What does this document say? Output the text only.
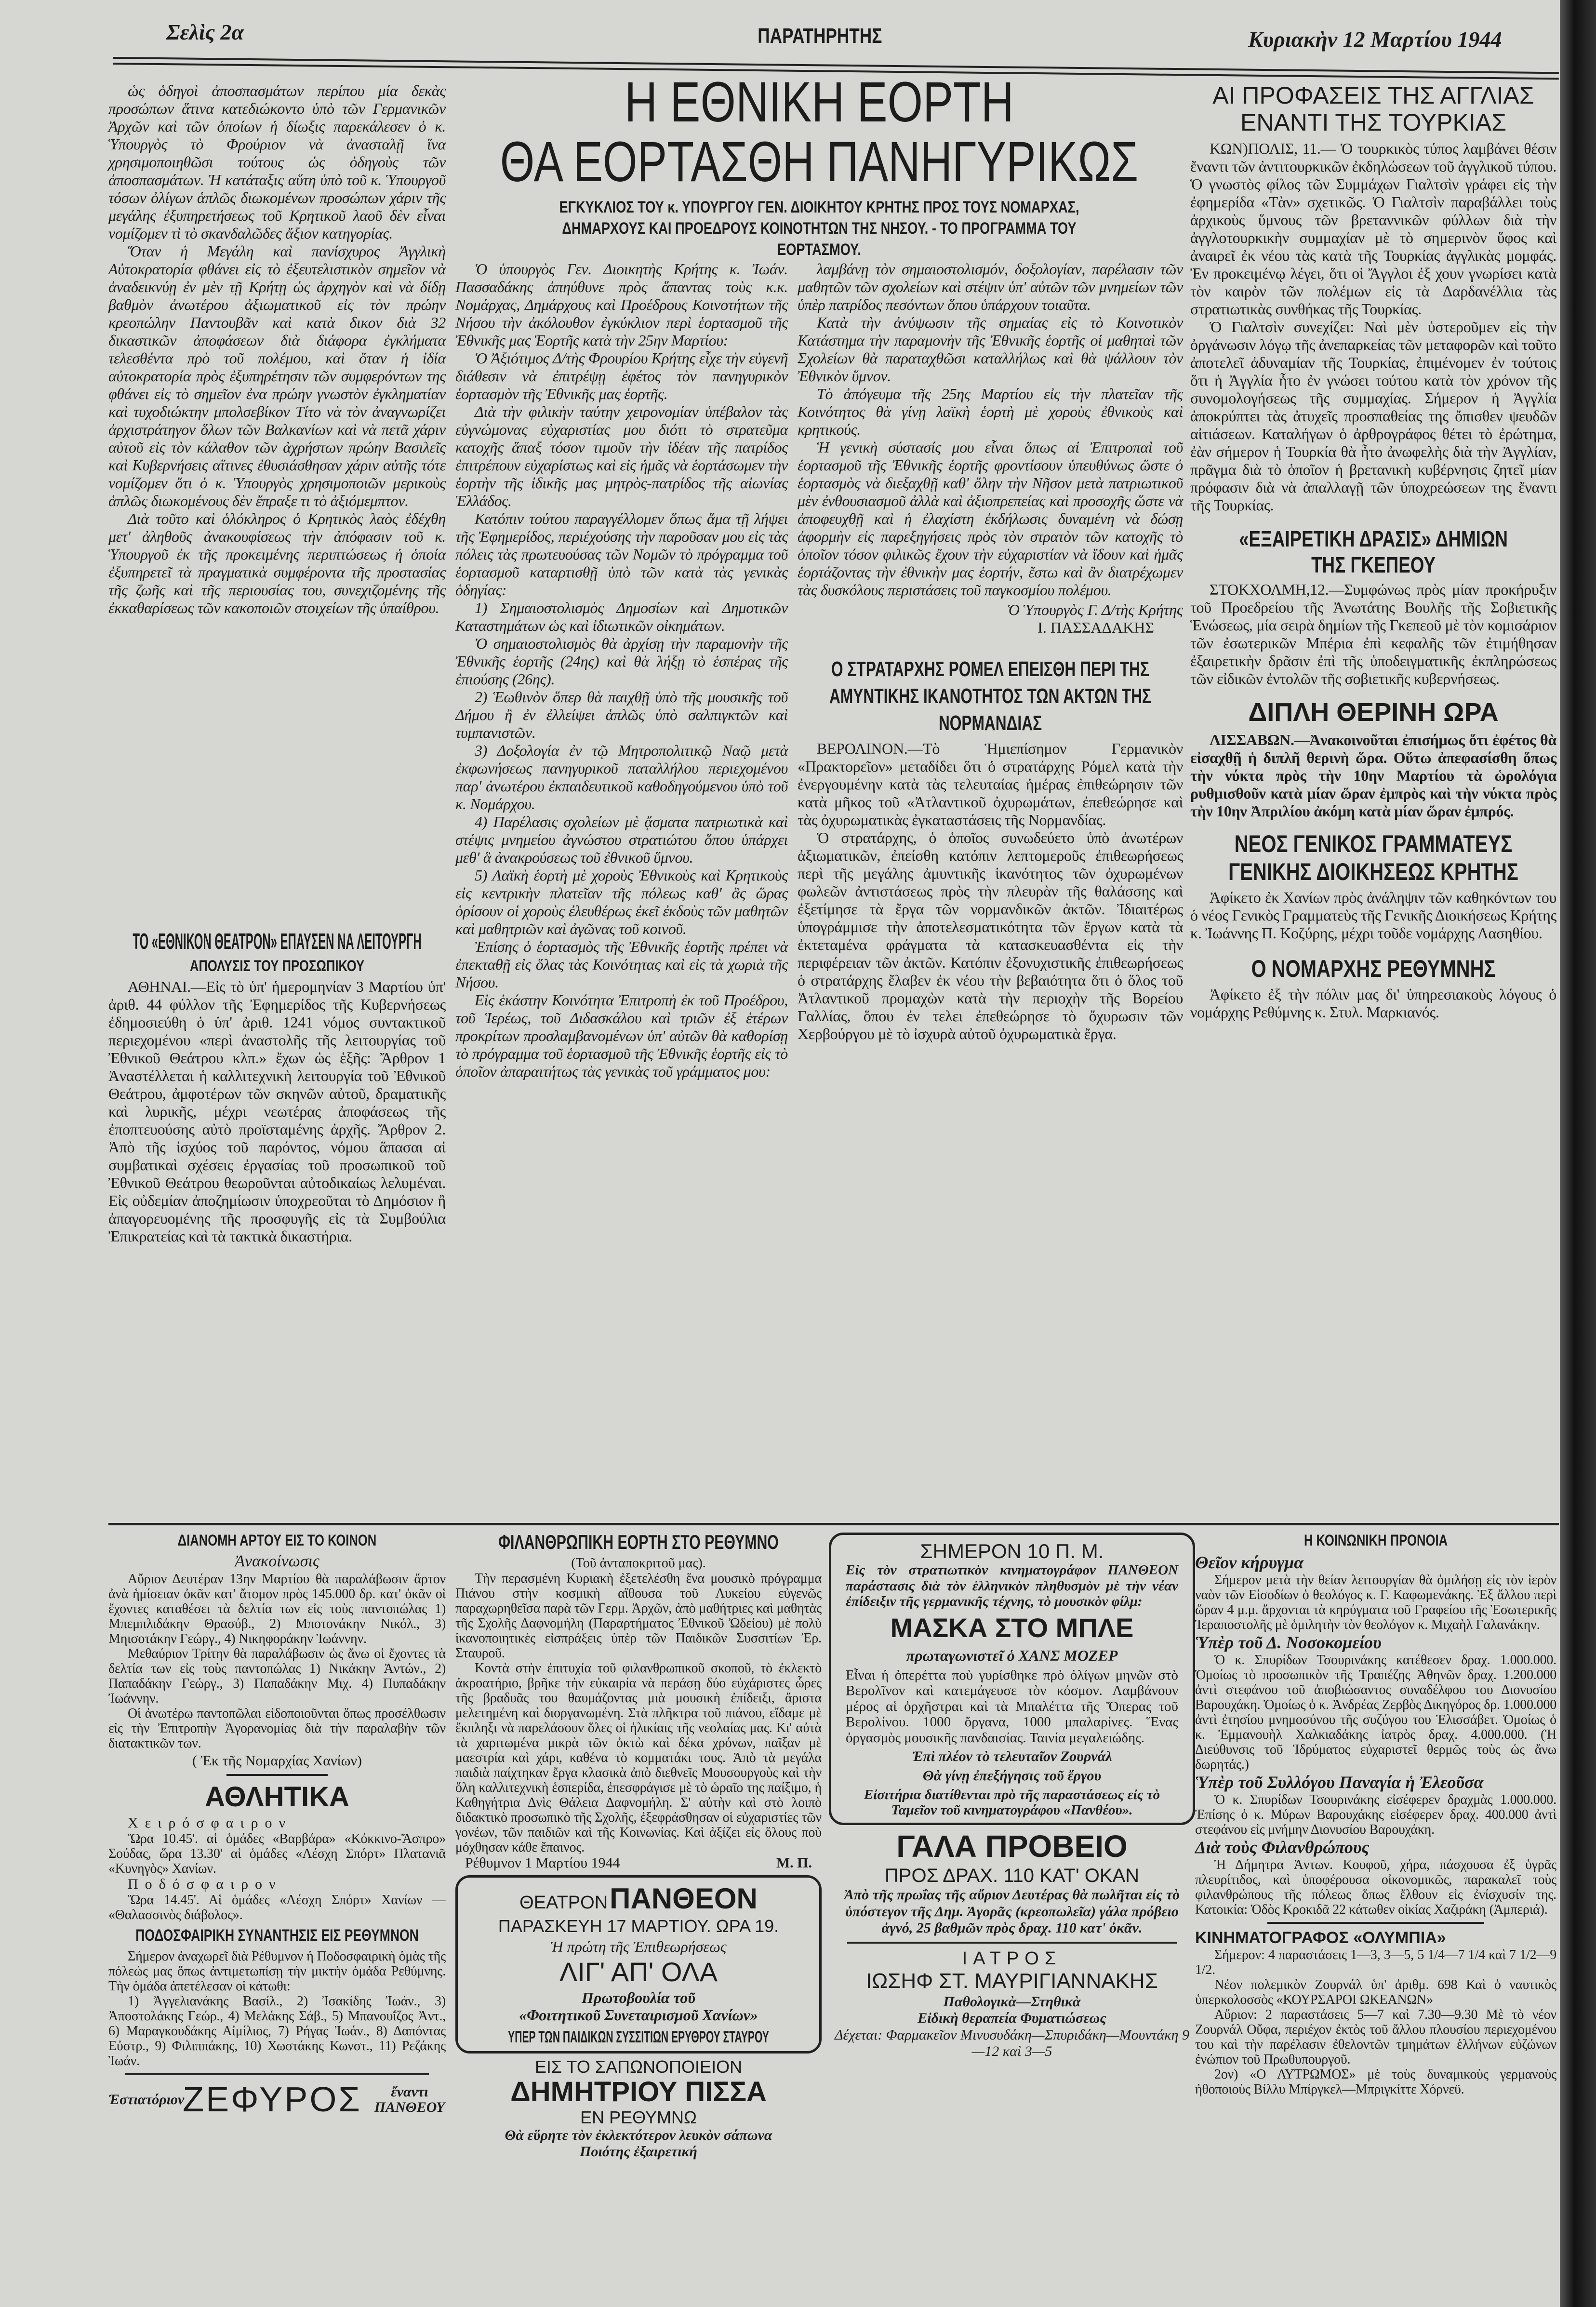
Σελὶς 2α	ΠΑΡΑΤΗΡΗΤΗΣ	Κυριακὴν 12 Μαρτίου 1944

ὡς ὁδηγοὶ ἀποσπασμάτων περίπου μία δεκὰς προσώπων ἅτινα κατεδιώκοντο ὑπὸ τῶν Γερμανικῶν Ἀρχῶν καὶ τῶν ὁποίων ἡ δίωξις παρεκάλεσεν ὁ κ. Ὑπουργὸς τὸ Φρούριον νὰ ἀνασταλῇ ἵνα χρησιμοποιηθῶσι τούτους ὡς ὁδηγοὺς τῶν ἀποσπασμάτων. Ἡ κατάταξις αὕτη ὑπὸ τοῦ κ. Ὑπουργοῦ τόσων ὀλίγων ἁπλῶς διωκομένων προσώπων χάριν τῆς μεγάλης ἐξυπηρετήσεως τοῦ Κρητικοῦ λαοῦ δὲν εἶναι νομίζομεν τὶ τὸ σκανδαλῶδες ἄξιον κατηγορίας.

Ὅταν ἡ Μεγάλη καὶ πανίσχυρος Ἀγγλικὴ Αὐτοκρατορία φθάνει εἰς τὸ ἐξευτελιστικὸν σημεῖον νὰ ἀναδεικνύῃ ἐν μὲν τῇ Κρήτῃ ὡς ἀρχηγὸν καὶ νὰ δίδῃ βαθμὸν ἀνωτέρου ἀξιωματικοῦ εἰς τὸν πρώην κρεοπώλην Παντουβᾶν καὶ κατὰ δικον διὰ 32 δικαστικῶν ἀποφάσεων διὰ διάφορα ἐγκλήματα τελεσθέντα πρὸ τοῦ πολέμου, καὶ ὅταν ἡ ἰδία αὐτοκρατορία πρὸς ἐξυπηρέτησιν τῶν συμφερόντων της φθάνει εἰς τὸ σημεῖον ἐνα πρώην γνωστὸν ἐγκληματίαν καὶ τυχοδιώκτην μπολσεβίκον Τίτο νὰ τὸν ἀναγνωρίζει ἀρχιστράτηγον ὅλων τῶν Βαλκανίων καὶ νὰ πετᾶ χάριν αὐτοῦ εἰς τὸν κάλαθον τῶν ἀχρήστων πρώην Βασιλεῖς καὶ Κυβερνήσεις αἵτινες ἐθυσιάσθησαν χάριν αὐτῆς τότε νομίζομεν ὅτι ὁ κ. Ὑπουργὸς χρησιμοποιῶν μερικοὺς ἁπλῶς διωκομένους δὲν ἔπραξε τι τὸ ἀξιόμεμπτον.

Διὰ τοῦτο καὶ ὁλόκληρος ὁ Κρητικὸς λαὸς ἐδέχθη μετ' ἀληθοῦς ἀνακουφίσεως τὴν ἀπόφασιν τοῦ κ. Ὑπουργοῦ ἐκ τῆς προκειμένης περιπτώσεως ἡ ὁποία ἐξυπηρετεῖ τὰ πραγματικὰ συμφέροντα τῆς προστασίας τῆς ζωῆς καὶ τῆς περιουσίας του, συνεχιζομένης τῆς ἐκκαθαρίσεως τῶν κακοποιῶν στοιχείων τῆς ὑπαίθρου.

ΤΟ «ΕΘΝΙΚΟΝ ΘΕΑΤΡΟΝ» ΕΠΑΥΣΕΝ ΝΑ ΛΕΙΤΟΥΡΓΗ
ΑΠΟΛΥΣΙΣ ΤΟΥ ΠΡΟΣΩΠΙΚΟΥ

ΑΘΗΝΑΙ.—Εἰς τὸ ὑπ' ἡμερομηνίαν 3 Μαρτίου ὑπ' ἀριθ. 44 φύλλον τῆς Ἐφημερίδος τῆς Κυβερνήσεως ἐδημοσιεύθη ὁ ὑπ' ἀριθ. 1241 νόμος συντακτικοῦ περιεχομένου «περὶ ἀναστολῆς τῆς λειτουργίας τοῦ Ἐθνικοῦ Θεάτρου κλπ.» ἔχων ὡς ἑξῆς: Ἄρθρον 1 Ἀναστέλλεται ἡ καλλιτεχνικὴ λειτουργία τοῦ Ἐθνικοῦ Θεάτρου, ἀμφοτέρων τῶν σκηνῶν αὐτοῦ, δραματικῆς καὶ λυρικῆς, μέχρι νεωτέρας ἀποφάσεως τῆς ἐποπτευούσης αὐτὸ προϊσταμένης ἀρχῆς. Ἄρθρον 2. Ἀπὸ τῆς ἰσχύος τοῦ παρόντος, νόμου ἅπασαι αἱ συμβατικαὶ σχέσεις ἐργασίας τοῦ προσωπικοῦ τοῦ Ἐθνικοῦ Θεάτρου θεωροῦνται αὐτοδικαίως λελυμέναι. Εἰς οὐδεμίαν ἀποζημίωσιν ὑποχρεοῦται τὸ Δημόσιον ἢ ἀπαγορευομένης τῆς προσφυγῆς εἰς τὰ Συμβούλια Ἐπικρατείας καὶ τὰ τακτικὰ δικαστήρια.

Η ΕΘΝΙΚΗ ΕΟΡΤΗ
ΘΑ ΕΟΡΤΑΣΘΗ ΠΑΝΗΓΥΡΙΚΩΣ
ΕΓΚΥΚΛΙΟΣ ΤΟΥ κ. ΥΠΟΥΡΓΟΥ ΓΕΝ. ΔΙΟΙΚΗΤΟΥ ΚΡΗΤΗΣ ΠΡΟΣ ΤΟΥΣ ΝΟΜΑΡΧΑΣ, ΔΗΜΑΡΧΟΥΣ ΚΑΙ ΠΡΟΕΔΡΟΥΣ ΚΟΙΝΟΤΗΤΩΝ ΤΗΣ ΝΗΣΟΥ. - ΤΟ ΠΡΟΓΡΑΜΜΑ ΤΟΥ ΕΟΡΤΑΣΜΟΥ.

Ὁ ὑπουργὸς Γεν. Διοικητὴς Κρήτης κ. Ἰωάν. Πασσαδάκης ἀπηύθυνε πρὸς ἅπαντας τοὺς κ.κ. Νομάρχας, Δημάρχους καὶ Προέδρους Κοινοτήτων τῆς Νήσου τὴν ἀκόλουθον ἐγκύκλιον περὶ ἑορτασμοῦ τῆς Ἐθνικῆς μας Ἑορτῆς κατὰ τὴν 25ην Μαρτίου:

Ὁ Ἀξιότιμος Δ/τὴς Φρουρίου Κρήτης εἶχε τὴν εὐγενῆ διάθεσιν νὰ ἐπιτρέψῃ ἐφέτος τὸν πανηγυρικὸν ἑορτασμὸν τῆς Ἐθνικῆς μας ἑορτῆς.

Διὰ τὴν φιλικὴν ταύτην χειρονομίαν ὑπέβαλον τὰς εὐγνώμονας εὐχαριστίας μου διότι τὸ στρατεῦμα κατοχῆς ἅπαξ τόσον τιμοῦν τὴν ἰδέαν τῆς πατρίδος ἐπιτρέπουν εὐχαρίστως καὶ εἰς ἡμᾶς νὰ ἑορτάσωμεν τὴν ἑορτὴν τῆς ἰδικῆς μας μητρὸς-πατρίδος τῆς αἰωνίας Ἑλλάδος.

Κατόπιν τούτου παραγγέλλομεν ὅπως ἅμα τῇ λήψει τῆς Ἐφημερίδος, περιέχούσης τὴν παροῦσαν μου εἰς τὰς πόλεις τὰς πρωτευούσας τῶν Νομῶν τὸ πρόγραμμα τοῦ ἑορτασμοῦ καταρτισθῇ ὑπὸ τῶν κατὰ τὰς γενικὰς ὁδηγίας:

1) Σημαιοστολισμὸς Δημοσίων καὶ Δημοτικῶν Καταστημάτων ὡς καὶ ἰδιωτικῶν οἰκημάτων.

Ὁ σημαιοστολισμὸς θὰ ἀρχίσῃ τὴν παραμονὴν τῆς Ἐθνικῆς ἑορτῆς (24ης) καὶ θὰ λήξῃ τὸ ἑσπέρας τῆς ἐπιούσης (26ης).

2) Ἑωθινὸν ὅπερ θὰ παιχθῇ ὑπὸ τῆς μουσικῆς τοῦ Δήμου ἢ ἐν ἐλλείψει ἁπλῶς ὑπὸ σαλπιγκτῶν καὶ τυμπανιστῶν.

3) Δοξολογία ἐν τῷ Μητροπολιτικῷ Ναῷ μετὰ ἐκφωνήσεως πανηγυρικοῦ παταλλήλου περιεχομένου παρ' ἀνωτέρου ἐκπαιδευτικοῦ καθοδηγούμενου ὑπὸ τοῦ κ. Νομάρχου.

4) Παρέλασις σχολείων μὲ ᾄσματα πατριωτικὰ καὶ στέψις μνημείου ἀγνώστου στρατιώτου ὅπου ὑπάρχει μεθ' ἃ ἀνακρούσεως τοῦ ἐθνικοῦ ὕμνου.

5) Λαϊκὴ ἑορτὴ μὲ χοροὺς Ἐθνικοὺς καὶ Κρητικοὺς εἰς κεντρικὴν πλατεῖαν τῆς πόλεως καθ' ἃς ὥρας ὁρίσουν οἱ χοροὺς ἐλευθέρως ἐκεῖ ἐκδοὺς τῶν μαθητῶν καὶ μαθητριῶν καὶ ἀγῶνας τοῦ κοινοῦ.

Ἐπίσης ὁ ἑορτασμὸς τῆς Ἐθνικῆς ἑορτῆς πρέπει νὰ ἐπεκταθῇ εἰς ὅλας τὰς Κοινότητας καὶ εἰς τὰ χωριὰ τῆς Νήσου.

Εἰς ἑκάστην Κοινότητα Ἐπιτροπὴ ἐκ τοῦ Προέδρου, τοῦ Ἱερέως, τοῦ Διδασκάλου καὶ τριῶν ἐξ ἑτέρων προκρίτων προσλαμβανομένων ὑπ' αὐτῶν θὰ καθορίσῃ τὸ πρόγραμμα τοῦ ἑορτασμοῦ τῆς Ἐθνικῆς ἑορτῆς εἰς τὸ ὁποῖον ἀπαραιτήτως τὰς γενικὰς τοῦ γράμματος μου:

λαμβάνῃ τὸν σημαιοστολισμόν, δοξολογίαν, παρέλασιν τῶν μαθητῶν τῶν σχολείων καὶ στέψιν ὑπ' αὐτῶν τῶν μνημείων τῶν ὑπὲρ πατρίδος πεσόντων ὅπου ὑπάρχουν τοιαῦτα.

Κατὰ τὴν ἀνύψωσιν τῆς σημαίας εἰς τὸ Κοινοτικὸν Κατάστημα τὴν παραμονὴν τῆς Ἐθνικῆς ἑορτῆς οἱ μαθηταὶ τῶν Σχολείων θὰ παραταχθῶσι καταλλήλως καὶ θὰ ψάλλουν τὸν Ἐθνικὸν ὕμνον.

Τὸ ἀπόγευμα τῆς 25ης Μαρτίου εἰς τὴν πλατεῖαν τῆς Κοινότητος θὰ γίνῃ λαϊκὴ ἑορτὴ μὲ χοροὺς ἐθνικοὺς καὶ κρητικούς.

Ἡ γενικὴ σύστασίς μου εἶναι ὅπως αἱ Ἐπιτροπαὶ τοῦ ἑορτασμοῦ τῆς Ἐθνικῆς ἑορτῆς φροντίσουν ὑπευθύνως ὥστε ὁ ἑορτασμὸς νὰ διεξαχθῇ καθ' ὅλην τὴν Νῆσον μετὰ πατριωτικοῦ μὲν ἐνθουσιασμοῦ ἀλλὰ καὶ ἀξιοπρεπείας καὶ προσοχῆς ὥστε νὰ ἀποφευχθῇ καὶ ἡ ἐλαχίστη ἐκδήλωσις δυναμένη νὰ δώσῃ ἀφορμὴν εἰς παρεξηγήσεις πρὸς τὸν στρατὸν τῶν κατοχῆς τὸ ὁποῖον τόσον φιλικῶς ἔχουν τὴν εὐχαριστίαν νὰ ἴδουν καὶ ἡμᾶς ἑορτάζοντας τὴν ἐθνικὴν μας ἑορτήν, ἔστω καὶ ἂν διατρέχωμεν τὰς δυσκόλους περιστάσεις τοῦ παγκοσμίου πολέμου.

Ὁ Ὑπουργὸς Γ. Δ/τὴς Κρήτης
Ι. ΠΑΣΣΑΔΑΚΗΣ
Ο ΣΤΡΑΤΑΡΧΗΣ ΡΟΜΕΛ ΕΠΕΙΣΘΗ ΠΕΡΙ ΤΗΣ ΑΜΥΝΤΙΚΗΣ ΙΚΑΝΟΤΗΤΟΣ ΤΩΝ ΑΚΤΩΝ ΤΗΣ ΝΟΡΜΑΝΔΙΑΣ

ΒΕΡΟΛΙΝΟΝ.—Τὸ Ἡμιεπίσημον Γερμανικὸν «Πρακτορεῖον» μεταδίδει ὅτι ὁ στρατάρχης Ρόμελ κατὰ τὴν ἐνεργουμένην κατὰ τὰς τελευταίας ἡμέρας ἐπιθεώρησιν τῶν κατὰ μῆκος τοῦ «Ἀτλαντικοῦ ὀχυρωμάτων, ἐπεθεώρησε καὶ τὰς ὀχυρωματικὰς ἐγκαταστάσεις τῆς Νορμανδίας.

Ὁ στρατάρχης, ὁ ὁποῖος συνωδεύετο ὑπὸ ἀνωτέρων ἀξιωματικῶν, ἐπείσθη κατόπιν λεπτομεροῦς ἐπιθεωρήσεως περὶ τῆς μεγάλης ἀμυντικῆς ἱκανότητος τῶν ὀχυρωμένων φωλεῶν ἀντιστάσεως πρὸς τὴν πλευρὰν τῆς θαλάσσης καὶ ἐξετίμησε τὰ ἔργα τῶν νορμανδικῶν ἀκτῶν. Ἰδιαιτέρως ὑπογράμμισε τὴν ἀποτελεσματικότητα τῶν ἔργων κατὰ τὰ ἐκτεταμένα φράγματα τὰ κατασκευασθέντα εἰς τὴν περιφέρειαν τῶν ἀκτῶν. Κατόπιν ἐξονυχιστικῆς ἐπιθεωρήσεως ὁ στρατάρχης ἔλαβεν ἐκ νέου τὴν βεβαιότητα ὅτι ὁ ὅλος τοῦ Ἀτλαντικοῦ προμαχὼν κατὰ τὴν περιοχὴν τῆς Βορείου Γαλλίας, ὅπου ἐν τελει ἐπεθεώρησε τὸ ὄχυρωσιν τῶν Χερβούργου μὲ τὸ ἰσχυρὰ αὐτοῦ ὀχυρωματικὰ ἔργα.

ΑΙ ΠΡΟΦΑΣΕΙΣ ΤΗΣ ΑΓΓΛΙΑΣ ΕΝΑΝΤΙ ΤΗΣ ΤΟΥΡΚΙΑΣ

ΚΩΝ)ΠΟΛΙΣ, 11.— Ὁ τουρκικὸς τύπος λαμβάνει θέσιν ἔναντι τῶν ἀντιτουρκικῶν ἐκδηλώσεων τοῦ ἀγγλικοῦ τύπου. Ὁ γνωστὸς φίλος τῶν Συμμάχων Γιαλτσὶν γράφει εἰς τὴν ἐφημερίδα «Τὰν» σχετικῶς. Ὁ Γιαλτσὶν παραβάλλει τοὺς ἀρχικοὺς ὕμνους τῶν βρεταννικῶν φύλλων διὰ τὴν ἀγγλοτουρκικὴν συμμαχίαν μὲ τὸ σημερινὸν ὕφος καὶ ἀναιρεῖ ἐκ νέου τὰς κατὰ τῆς Τουρκίας ἀγγλικὰς μομφάς. Ἐν προκειμένῳ λέγει, ὅτι οἱ Ἄγγλοι ἐξ χουν γνωρίσει κατὰ τὸν καιρὸν τῶν πολέμων εἰς τὰ Δαρδανέλλια τὰς στρατιωτικὰς συνθήκας τῆς Τουρκίας.

Ὁ Γιαλτσὶν συνεχίζει: Ναὶ μὲν ὑστεροῦμεν εἰς τὴν ὀργάνωσιν λόγῳ τῆς ἀνεπαρκείας τῶν μεταφορῶν καὶ τοῦτο ἀποτελεῖ ἀδυναμίαν τῆς Τουρκίας, ἐπιμένομεν ἐν τούτοις ὅτι ἡ Ἀγγλία ἦτο ἐν γνώσει τούτου κατὰ τὸν χρόνον τῆς συνομολογήσεως τῆς συμμαχίας. Σήμερον ἡ Ἀγγλία ἀποκρύπτει τὰς ἀτυχεῖς προσπαθείας της ὄπισθεν ψευδῶν αἰτιάσεων. Καταλήγων ὁ ἀρθρογράφος θέτει τὸ ἐρώτημα, ἐὰν σήμερον ἡ Τουρκία θὰ ἦτο ἀνωφελὴς διὰ τὴν Ἀγγλίαν, πρᾶγμα διὰ τὸ ὁποῖον ἡ βρετανικὴ κυβέρνησις ζητεῖ μίαν πρόφασιν διὰ νὰ ἀπαλλαγῇ τῶν ὑποχρεώσεων της ἔναντι τῆς Τουρκίας.

«ΕΞΑΙΡΕΤΙΚΗ ΔΡΑΣΙΣ» ΔΗΜΙΩΝ ΤΗΣ ΓΚΕΠΕΟΥ

ΣΤΟΚΧΟΛΜΗ,12.—Συμφώνως πρὸς μίαν προκήρυξιν τοῦ Προεδρείου τῆς Ἀνωτάτης Βουλῆς τῆς Σοβιετικῆς Ἑνώσεως, μία σειρὰ δημίων τῆς Γκεπεοῦ μὲ τὸν κομισάριον τῶν ἐσωτερικῶν Μπέρια ἐπὶ κεφαλῆς τῶν ἐτιμήθησαν ἐξαιρετικὴν δρᾶσιν ἐπὶ τῆς ὑποδειγματικῆς ἐκπληρώσεως τῶν εἰδικῶν ἐντολῶν τῆς σοβιετικῆς κυβερνήσεως.

ΔΙΠΛΗ ΘΕΡΙΝΗ ΩΡΑ

ΛΙΣΣΑΒΩΝ.—Ἀνακοινοῦται ἐπισήμως ὅτι ἐφέτος θὰ εἰσαχθῇ ἡ διπλῆ θερινὴ ὥρα. Οὕτω ἀπεφασίσθη ὅπως τὴν νύκτα πρὸς τὴν 10ην Μαρτίου τὰ ὡρολόγια ρυθμισθοῦν κατὰ μίαν ὥραν ἐμπρὸς καὶ τὴν νύκτα πρὸς τὴν 10ην Ἀπριλίου ἀκόμη κατὰ μίαν ὥραν ἐμπρός.

ΝΕΟΣ ΓΕΝΙΚΟΣ ΓΡΑΜΜΑΤΕΥΣ ΓΕΝΙΚΗΣ ΔΙΟΙΚΗΣΕΩΣ ΚΡΗΤΗΣ

Ἀφίκετο ἐκ Χανίων πρὸς ἀνάληψιν τῶν καθηκόντων του ὁ νέος Γενικὸς Γραμματεὺς τῆς Γενικῆς Διοικήσεως Κρήτης κ. Ἰωάννης Π. Κοζύρης, μέχρι τοῦδε νομάρχης Λασηθίου.

Ο ΝΟΜΑΡΧΗΣ ΡΕΘΥΜΝΗΣ

Ἀφίκετο ἐξ τὴν πόλιν μας δι' ὑπηρεσιακοὺς λόγους ὁ νομάρχης Ρεθύμνης κ. Στυλ. Μαρκιανός.

ΔΙΑΝΟΜΗ ΑΡΤΟΥ ΕΙΣ ΤΟ ΚΟΙΝΟΝ
Ἀνακοίνωσις

Αὔριον Δευτέραν 13ην Μαρτίου θὰ παραλάβωσιν ἄρτον ἀνὰ ἡμίσειαν ὀκᾶν κατ' ἄτομον πρὸς 145.000 δρ. κατ' ὀκᾶν οἱ ἔχοντες καταθέσει τὰ δελτία των εἰς τοὺς παντοπώλας 1) Μπεμπλιδάκην Θρασύβ., 2) Μποτονάκην Νικόλ., 3) Μηισοτάκην Γεώργ., 4) Νικηφοράκην Ἰωάννην.

Μεθαύριον Τρίτην θὰ παραλάβωσιν ὡς ἄνω οἱ ἔχοντες τὰ δελτία των εἰς τοὺς παντοπώλας 1) Νικάκην Ἀντών., 2) Παπαδάκην Γεώργ., 3) Παπαδάκην Μιχ. 4) Πυπαδάκην Ἰωάννην.

Οἱ ἀνωτέρω παντοπῶλαι εἰδοποιοῦνται ὅπως προσέλθωσιν εἰς τὴν Ἐπιτροπὴν Ἀγορανομίας διὰ τὴν παραλαβὴν τῶν διατακτικῶν των.

( Ἐκ τῆς Νομαρχίας Χανίων)
ΑΘΛΗΤΙΚΑ
Χειρόσφαιρον

Ὥρα 10.45'. αἱ ὁμάδες «Βαρβάρα» «Κόκκινο-Ἄσπρο» Σούδας, ὥρα 13.30' αἱ ὁμάδες «Λέσχη Σπόρτ» Πλατανιᾶ «Κυνηγὸς» Χανίων.

Ποδόσφαιρον

Ὥρα 14.45'. Αἱ ὁμάδες «Λέσχη Σπόρτ» Χανίων — «Θαλασσινὸς διάβολος».

ΠΟΔΟΣΦΑΙΡΙΚΗ ΣΥΝΑΝΤΗΣΙΣ ΕΙΣ ΡΕΘΥΜΝΟΝ

Σήμερον ἀναχωρεῖ διὰ Ρέθυμνον ἡ Ποδοσφαιρικὴ ὁμὰς τῆς πόλεώς μας ὅπως ἀντιμετωπίσῃ τὴν μικτὴν ὁμάδα Ρεθύμνης. Τὴν ὁμάδα ἀπετέλεσαν οἱ κάτωθι:

1) Ἀγγελιανάκης Βασίλ., 2) Ἰσακίδης Ἰωάν., 3) Ἀποστολάκης Γεώρ., 4) Μελάκης Σάβ., 5) Μπανουΐζος Ἀντ., 6) Μαραγκουδάκης Αἰμίλιος, 7) Ρήγας Ἰωάν., 8) Δαπόντας Εὐστρ., 9) Φιλιππάκης, 10) Χωστάκης Κωνστ., 11) Ρεζάκης Ἰωάν.

Ἑστιατόριον
ΖΕΦΥΡΟΣ	ἔναντι ΠΑΝΘΕΟΥ
ΦΙΛΑΝΘΡΩΠΙΚΗ ΕΟΡΤΗ ΣΤΟ ΡΕΘΥΜΝΟ
(Τοῦ ἀνταποκριτοῦ μας).

Τὴν περασμένη Κυριακὴ ἐξετελέσθη ἕνα μουσικὸ πρόγραμμα Πιάνου στὴν κοσμικὴ αἴθουσα τοῦ Λυκείου εὐγενῶς παραχωρηθεῖσα παρὰ τῶν Γερμ. Ἀρχῶν, ἀπὸ μαθήτριες καὶ μαθητὰς τῆς Σχολῆς Δαφνομήλη (Παραρτήματος Ἐθνικοῦ Ὠδείου) μὲ πολὺ ἱκανοποιητικὲς εἰσπράξεις ὑπὲρ τῶν Παιδικῶν Συσσιτίων Ἐρ. Σταυροῦ.

Κοντὰ στὴν ἐπιτυχία τοῦ φιλανθρωπικοῦ σκοποῦ, τὸ ἐκλεκτὸ ἀκροατήριο, βρῆκε τὴν εὐκαιρία νὰ περάσῃ δύο εὐχάριστες ὧρες τῆς βραδυᾶς του θαυμάζοντας μιὰ μουσικὴ ἐπίδειξι, ἄριστα μελετημένη καὶ διοργανωμένη. Στὰ πλῆκτρα τοῦ πιάνου, εἴδαμε μὲ ἔκπληξι νὰ παρελάσουν ὅλες οἱ ἡλικίαις τῆς νεολαίας μας. Κι' αὐτὰ τὰ χαριτωμένα μικρὰ τῶν ὀκτὼ καὶ δέκα χρόνων, παῖξαν μὲ μαεστρία καὶ χάρι, καθένα τὸ κομματάκι τους. Ἀπὸ τὰ μεγάλα παιδιὰ παίχτηκαν ἔργα κλασικὰ ἀπὸ διεθνεῖς Μουσουργοὺς καὶ τὴν ὅλη καλλιτεχνικὴ ἑσπερίδα, ἐπεσφράγισε μὲ τὸ ὡραῖο της παίξιμο, ἡ Καθηγήτρια Δνὶς Θάλεια Δαφνομήλη. Σ' αὐτὴν καὶ στὸ λοιπὸ διδακτικὸ προσωπικὸ τῆς Σχολῆς, ἐξεφράσθησαν οἱ εὐχαριστίες τῶν γονέων, τῶν παιδιῶν καὶ τῆς Κοινωνίας. Καὶ ἀξίζει εἰς ὅλους ποὺ μόχθησαν κάθε ἔπαινος.

Ρέθυμνον 1 Μαρτίου 1944	Μ. Π.
ΘΕΑΤΡΟΝ ΠΑΝΘΕΟΝ
ΠΑΡΑΣΚΕΥΗ 17 ΜΑΡΤΙΟΥ. ΩΡΑ 19.
Ἡ πρώτη τῆς Ἐπιθεωρήσεως
ΛΙΓ' ΑΠ' ΟΛΑ
Πρωτοβουλία τοῦ
«Φοιτητικοῦ Συνεταιρισμοῦ Χανίων»
ΥΠΕΡ ΤΩΝ ΠΑΙΔΙΚΩΝ ΣΥΣΣΙΤΙΩΝ ΕΡΥΘΡΟΥ ΣΤΑΥΡΟΥ
ΕΙΣ ΤΟ ΣΑΠΩΝΟΠΟΙΕΙΟΝ
ΔΗΜΗΤΡΙΟΥ ΠΙΣΣΑ
ΕΝ ΡΕΘΥΜΝΩ
Θὰ εὕρητε τὸν ἐκλεκτότερον λευκὸν σάπωνα
Ποιότης ἐξαιρετική
ΣΗΜΕΡΟΝ 10 Π. Μ.
Εἰς τὸν στρατιωτικὸν κινηματογράφον ΠΑΝΘΕΟΝ παράστασις διὰ τὸν ἑλληνικὸν πληθυσμὸν μὲ τὴν νέαν ἐπίδειξιν τῆς γερμανικῆς τέχνης, τὸ μουσικὸν φίλμ:
ΜΑΣΚΑ ΣΤΟ ΜΠΛΕ
πρωταγωνιστεῖ ὁ ΧΑΝΣ ΜΟΖΕΡ
Εἶναι ἡ ὀπερέττα ποὺ γυρίσθηκε πρὸ ὀλίγων μηνῶν στὸ Βερολῖνον καὶ κατεμάγευσε τὸν κόσμον. Λαμβάνουν μέρος αἱ ὀρχῆστραι καὶ τὰ Μπαλέττα τῆς Ὄπερας τοῦ Βερολίνου. 1000 ὄργανα, 1000 μπαλαρίνες. Ἕνας ὀργασμὸς μουσικῆς πανδαισίας. Ταινία μεγαλειώδης.
Ἐπὶ πλέον τὸ τελευταῖον Ζουρνάλ
Θὰ γίνῃ ἐπεξήγησις τοῦ ἔργου
Εἰσιτήρια διατίθενται πρὸ τῆς παραστάσεως εἰς τὸ Ταμεῖον τοῦ κινηματογράφου «Πανθέου».
ΓΑΛΑ ΠΡΟΒΕΙΟ
ΠΡΟΣ ΔΡΑΧ. 110 ΚΑΤ' ΟΚΑΝ
Ἀπὸ τῆς πρωΐας τῆς αὔριον Δευτέρας θὰ πωλῆται εἰς τὸ ὑπόστεγον τῆς Δημ. Ἀγορᾶς (κρεοπωλεῖα) γάλα πρόβειο ἀγνό, 25 βαθμῶν πρὸς δραχ. 110 κατ' ὀκᾶν.
ΙΑΤΡΟΣ
ΙΩΣΗΦ ΣΤ. ΜΑΥΡΙΓΙΑΝΝΑΚΗΣ
Παθολογικὰ—Στηθικὰ
Εἰδικὴ θεραπεία Φυματιώσεως
Δέχεται: Φαρμακεῖον Μινυσυδάκη—Σπυριδάκη—Μουντάκη 9—12 καὶ 3—5
Η ΚΟΙΝΩΝΙΚΗ ΠΡΟΝΟΙΑ
Θεῖον κήρυγμα

Σήμερον μετὰ τὴν θείαν λειτουργίαν θὰ ὁμιλήσῃ εἰς τὸν ἱερὸν ναὸν τῶν Εἰσοδίων ὁ θεολόγος κ. Γ. Καφωμενάκης. Ἐξ ἄλλου περὶ ὥραν 4 μ.μ. ἄρχονται τὰ κηρύγματα τοῦ Γραφείου τῆς Ἐσωτερικῆς Ἱεραποστολῆς μὲ ὁμιλητὴν τὸν θεολόγον κ. Μιχαὴλ Γαλανάκην.

Ὑπὲρ τοῦ Δ. Νοσοκομείου

Ὁ κ. Σπυρίδων Τσουρινάκης κατέθεσεν δραχ. 1.000.000. Ὁμοίως τὸ προσωπικὸν τῆς Τραπέζης Ἀθηνῶν δραχ. 1.200.000 ἀντὶ στεφάνου τοῦ ἀποβιώσαντος συναδέλφου του Διονυσίου Βαρουχάκη. Ὁμοίως ὁ κ. Ἀνδρέας Ζερβὸς Δικηγόρος δρ. 1.000.000 ἀντὶ ἐτησίου μνημοσύνου τῆς συζύγου του Ἐλισσάβετ. Ὁμοίως ὁ κ. Ἐμμανουὴλ Χαλκιαδάκης ἰατρὸς δραχ. 4.000.000. (Ἡ Διεύθυνσις τοῦ Ἱδρύματος εὐχαριστεῖ θερμῶς τοὺς ὡς ἄνω δωρητάς.)

Ὑπὲρ τοῦ Συλλόγου Παναγία ἡ Ἐλεοῦσα

Ὁ κ. Σπυρίδων Τσουρινάκης εἰσέφερεν δραχμὰς 1.000.000. Ἐπίσης ὁ κ. Μύρων Βαρουχάκης εἰσέφερεν δραχ. 400.000 ἀντὶ στεφάνου εἰς μνήμην Διονυσίου Βαρουχάκη.

Διὰ τοὺς Φιλανθρώπους

Ἡ Δήμητρα Ἀντων. Κουφοῦ, χήρα, πάσχουσα ἐξ ὑγρᾶς πλευρίτιδος, καὶ ὑποφέρουσα οἰκονομικῶς, παρακαλεῖ τοὺς φιλανθρώπους τῆς πόλεως ὅπως ἔλθουν εἰς ἐνίσχυσίν της. Κατοικία: Ὁδὸς Κροκιδᾶ 22 κάτωθεν οἰκίας Χαζιράκη (Ἀμπεριά).

ΚΙΝΗΜΑΤΟΓΡΑΦΟΣ «ΟΛΥΜΠΙΑ»

Σήμερον: 4 παραστάσεις 1—3, 3—5, 5 1/4—7 1/4 καὶ 7 1/2—9 1/2.

Νέον πολεμικὸν Ζουρνάλ ὑπ' ἀριθμ. 698 Καὶ ὁ ναυτικὸς ὑπερκολοσσὸς «ΚΟΥΡΣΑΡΟΙ ΩΚΕΑΝΩΝ»

Αὔριον: 2 παραστάσεις 5—7 καὶ 7.30—9.30 Μὲ τὸ νέον Ζουρνάλ Οὔφα, περιέχον ἐκτὸς τοῦ ἄλλου πλουσίου περιεχομένου του καὶ τὴν παρέλασιν ἐθελοντῶν τμημάτων ἑλλήνων εὐζώνων ἐνώπιον τοῦ Πρωθυπουργοῦ.

2ον) «Ο ΛΥΤΡΩΜΟΣ» μὲ τοὺς δυναμικοὺς γερμανοὺς ἠθοποιοὺς Βίλλυ Μπίργκελ—Μπριγκίττε Χόρνεϋ.
